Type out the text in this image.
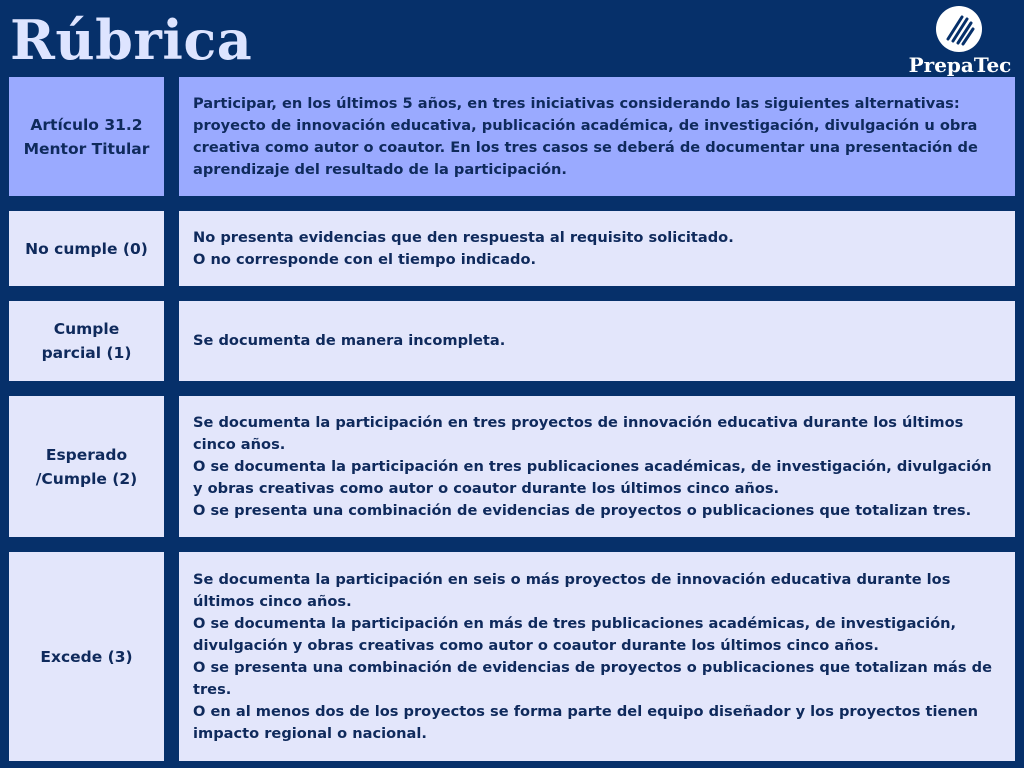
Rúbrica	PrepaTec
Artículo 31.2 Mentor Titular
Participar, en los últimos 5 años, en tres iniciativas considerando las siguientes alternativas: proyecto de innovación educativa, publicación académica, de investigación, divulgación u obra creativa como autor o coautor. En los tres casos se deberá de documentar una presentación de aprendizaje del resultado de la participación.
No cumple (0)
No presenta evidencias que den respuesta al requisito solicitado.
O no corresponde con el tiempo indicado.
Cumple parcial (1)
Se documenta de manera incompleta.
Esperado /Cumple (2)
Se documenta la participación en tres proyectos de innovación educativa durante los últimos cinco años.
O se documenta la participación en tres publicaciones académicas, de investigación, divulgación y obras creativas como autor o coautor durante los últimos cinco años.
O se presenta una combinación de evidencias de proyectos o publicaciones que totalizan tres.
Excede (3)
Se documenta la participación en seis o más proyectos de innovación educativa durante los últimos cinco años.
O se documenta la participación en más de tres publicaciones académicas, de investigación, divulgación y obras creativas como autor o coautor durante los últimos cinco años.
O se presenta una combinación de evidencias de proyectos o publicaciones que totalizan más de tres.
O en al menos dos de los proyectos se forma parte del equipo diseñador y los proyectos tienen impacto regional o nacional.
